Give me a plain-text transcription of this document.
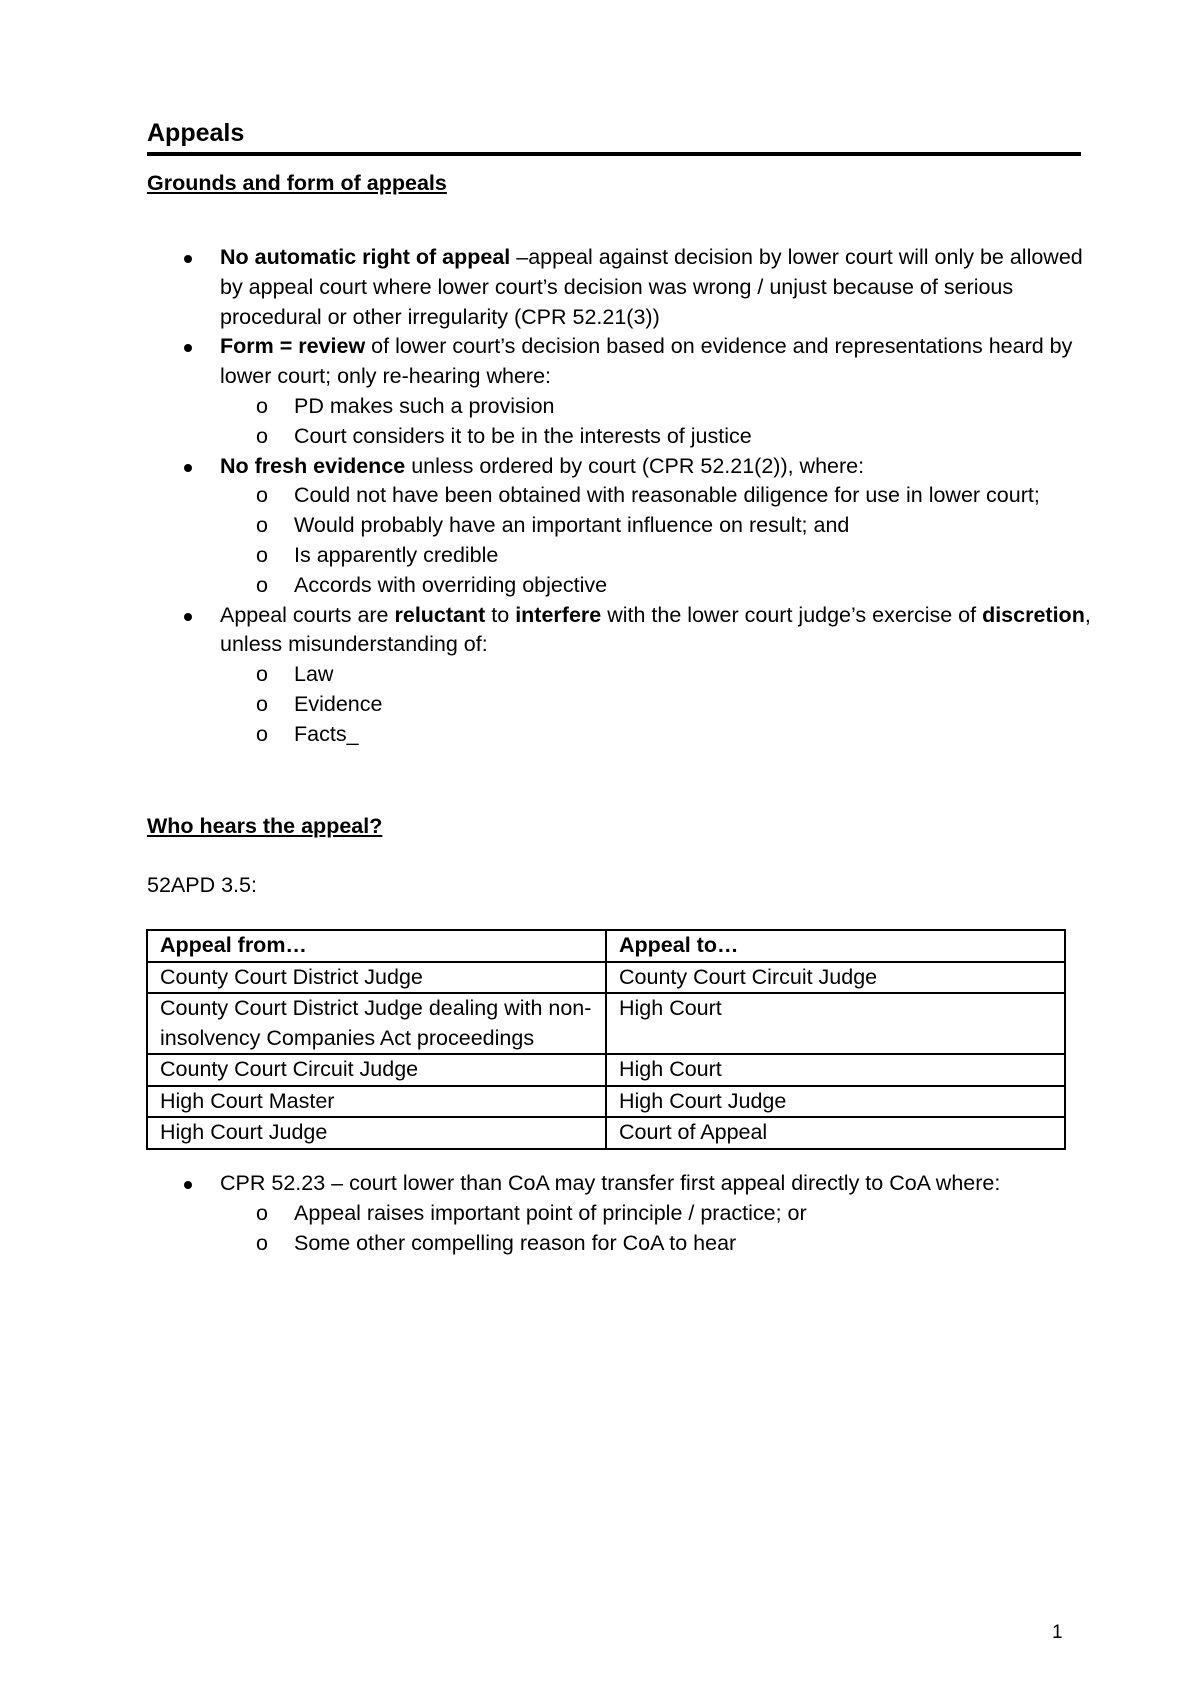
Appeals
Grounds and form of appeals
No automatic right of appeal –appeal against decision by lower court will only be allowed by appeal court where lower court’s decision was wrong / unjust because of serious procedural or other irregularity (CPR 52.21(3))
Form = review of lower court’s decision based on evidence and representations heard by lower court; only re-hearing where:
o PD makes such a provision
o Court considers it to be in the interests of justice
No fresh evidence unless ordered by court (CPR 52.21(2)), where:
o Could not have been obtained with reasonable diligence for use in lower court;
o Would probably have an important influence on result; and
o Is apparently credible
o Accords with overriding objective
Appeal courts are reluctant to interfere with the lower court judge’s exercise of discretion, unless misunderstanding of:
o Law
o Evidence
o Facts_
Who hears the appeal?
52APD 3.5:
Appeal from…	Appeal to…
County Court District Judge	County Court Circuit Judge
County Court District Judge dealing with non-insolvency Companies Act proceedings	High Court
County Court Circuit Judge	High Court
High Court Master	High Court Judge
High Court Judge	Court of Appeal
CPR 52.23 – court lower than CoA may transfer first appeal directly to CoA where:
o Appeal raises important point of principle / practice; or
o Some other compelling reason for CoA to hear
1
